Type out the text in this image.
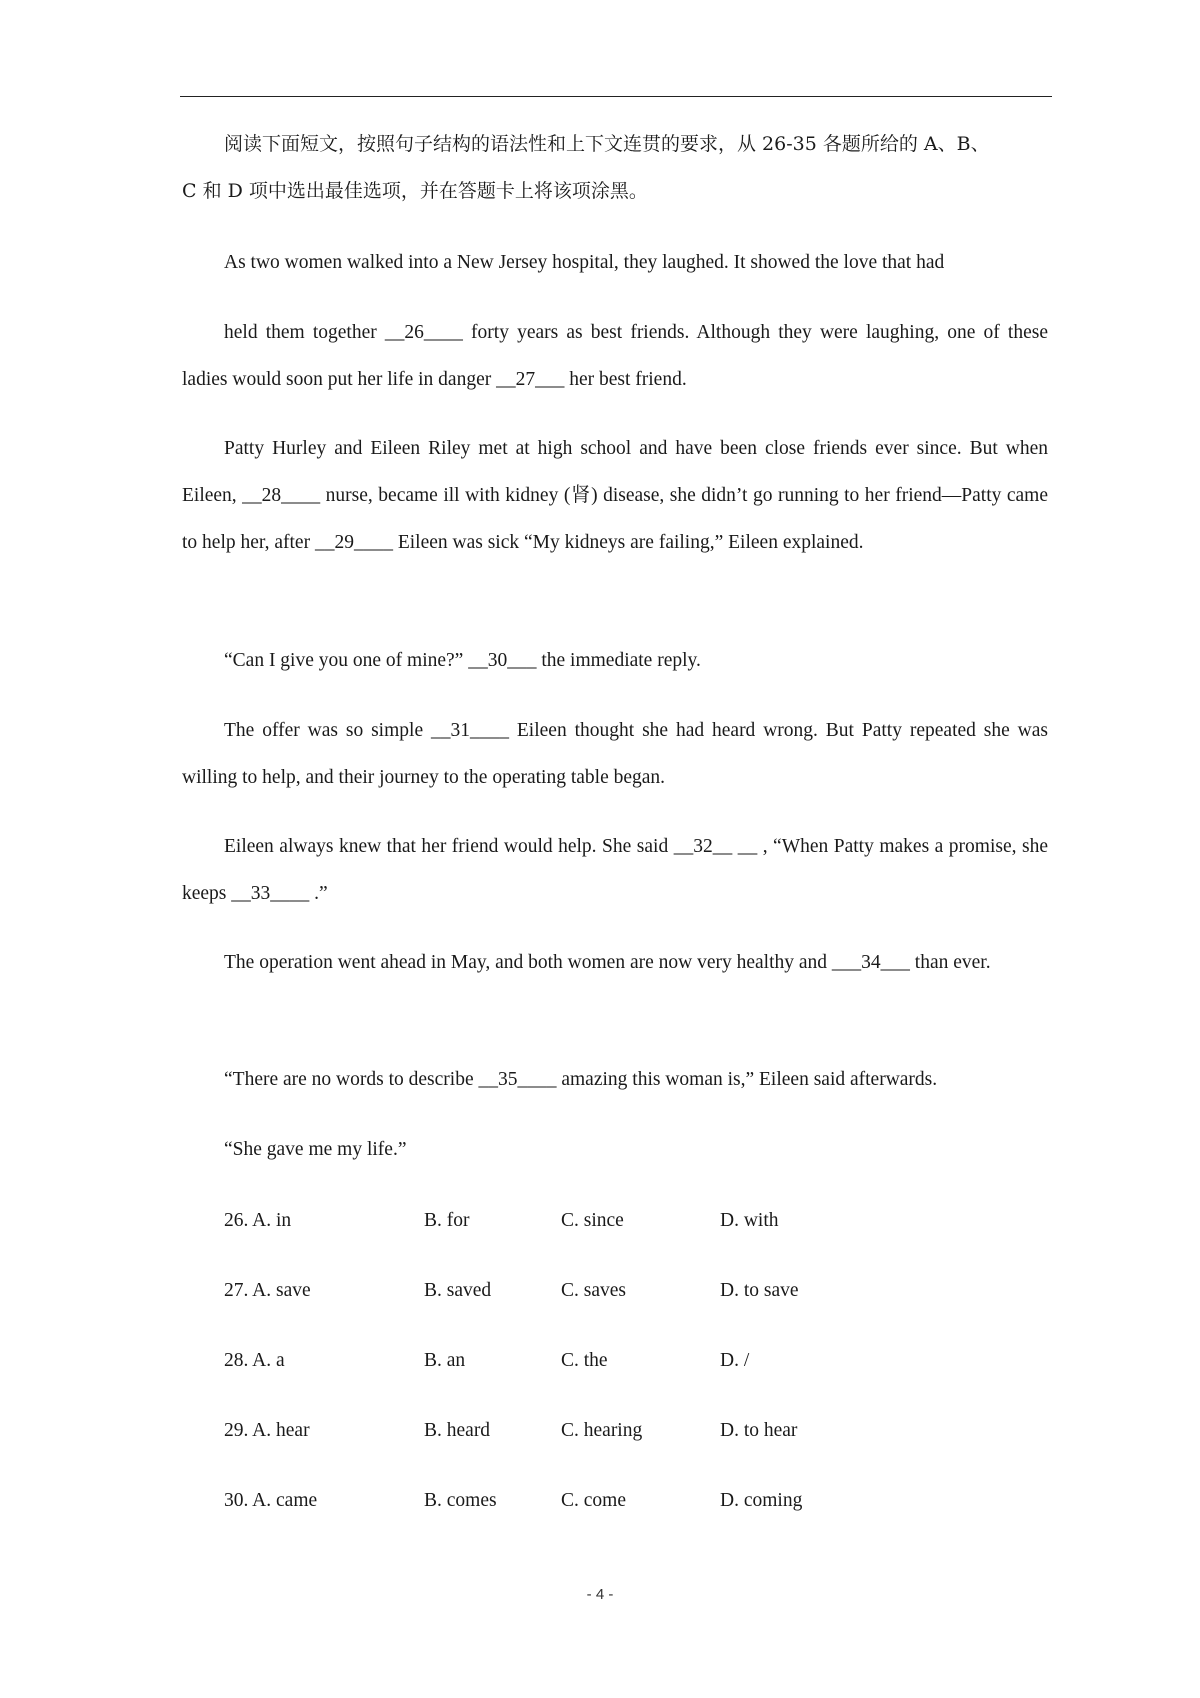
阅读下面短文，按照句子结构的语法性和上下文连贯的要求，从 26-35 各题所给的 A、B、
C 和 D 项中选出最佳选项，并在答题卡上将该项涂黑。

As two women walked into a New Jersey hospital, they laughed. It showed the love that had

held them together __26____ forty years as best friends. Although they were laughing, one of these ladies would soon put her life in danger __27___ her best friend.

Patty Hurley and Eileen Riley met at high school and have been close friends ever since. But when Eileen, __28____ nurse, became ill with kidney (肾) disease, she didn’t go running to her friend—Patty came to help her, after __29____ Eileen was sick “My kidneys are failing,” Eileen explained.

“Can I give you one of mine?” __30___ the immediate reply.

The offer was so simple __31____ Eileen thought she had heard wrong. But Patty repeated she was willing to help, and their journey to the operating table began.

Eileen always knew that her friend would help. She said __32__ __ , “When Patty makes a promise, she keeps __33____ .”

The operation went ahead in May, and both women are now very healthy and ___34___ than ever.

“There are no words to describe __35____ amazing this woman is,” Eileen said afterwards.

“She gave me my life.”

26. A. in	B. for	C. since	D. with
27. A. save	B. saved	C. saves	D. to save
28. A. a	B. an	C. the	D. /
29. A. hear	B. heard	C. hearing	D. to hear
30. A. came	B. comes	C. come	D. coming
- 4 -
